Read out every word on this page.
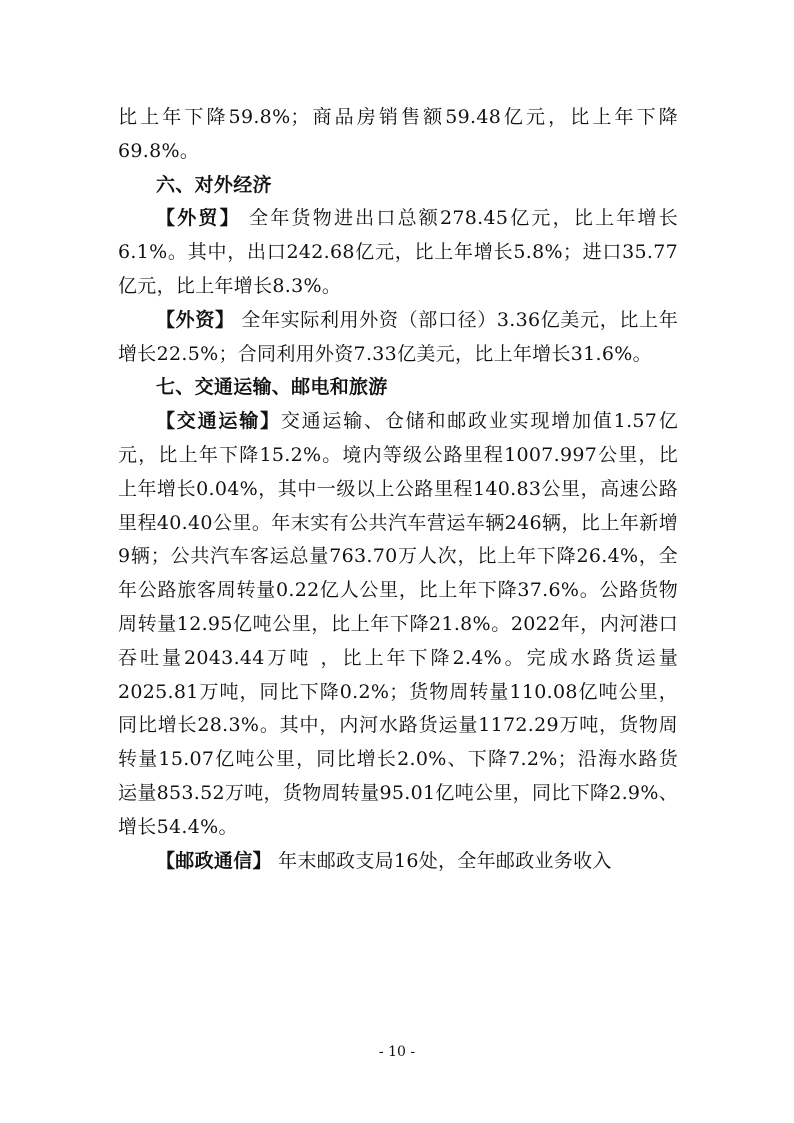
比上年下降59.8%；商品房销售额59.48亿元，比上年下降69.8%。

六、对外经济

【外贸】 全年货物进出口总额278.45亿元，比上年增长6.1%。其中，出口242.68亿元，比上年增长5.8%；进口35.77亿元，比上年增长8.3%。

【外资】 全年实际利用外资（部口径）3.36亿美元，比上年增长22.5%；合同利用外资7.33亿美元，比上年增长31.6%。

七、交通运输、邮电和旅游

【交通运输】交通运输、仓储和邮政业实现增加值1.57亿元，比上年下降15.2%。境内等级公路里程1007.997公里，比上年增长0.04%，其中一级以上公路里程140.83公里，高速公路里程40.40公里。年末实有公共汽车营运车辆246辆，比上年新增9辆；公共汽车客运总量763.70万人次，比上年下降26.4%，全年公路旅客周转量0.22亿人公里，比上年下降37.6%。公路货物周转量12.95亿吨公里，比上年下降21.8%。2022年，内河港口吞吐量2043.44万吨 ，比上年下降2.4%。完成水路货运量2025.81万吨，同比下降0.2%；货物周转量110.08亿吨公里，同比增长28.3%。其中，内河水路货运量1172.29万吨，货物周转量15.07亿吨公里，同比增长2.0%、下降7.2%；沿海水路货运量853.52万吨，货物周转量95.01亿吨公里，同比下降2.9%、增长54.4%。

【邮政通信】 年末邮政支局16处，全年邮政业务收入

- 10 -
